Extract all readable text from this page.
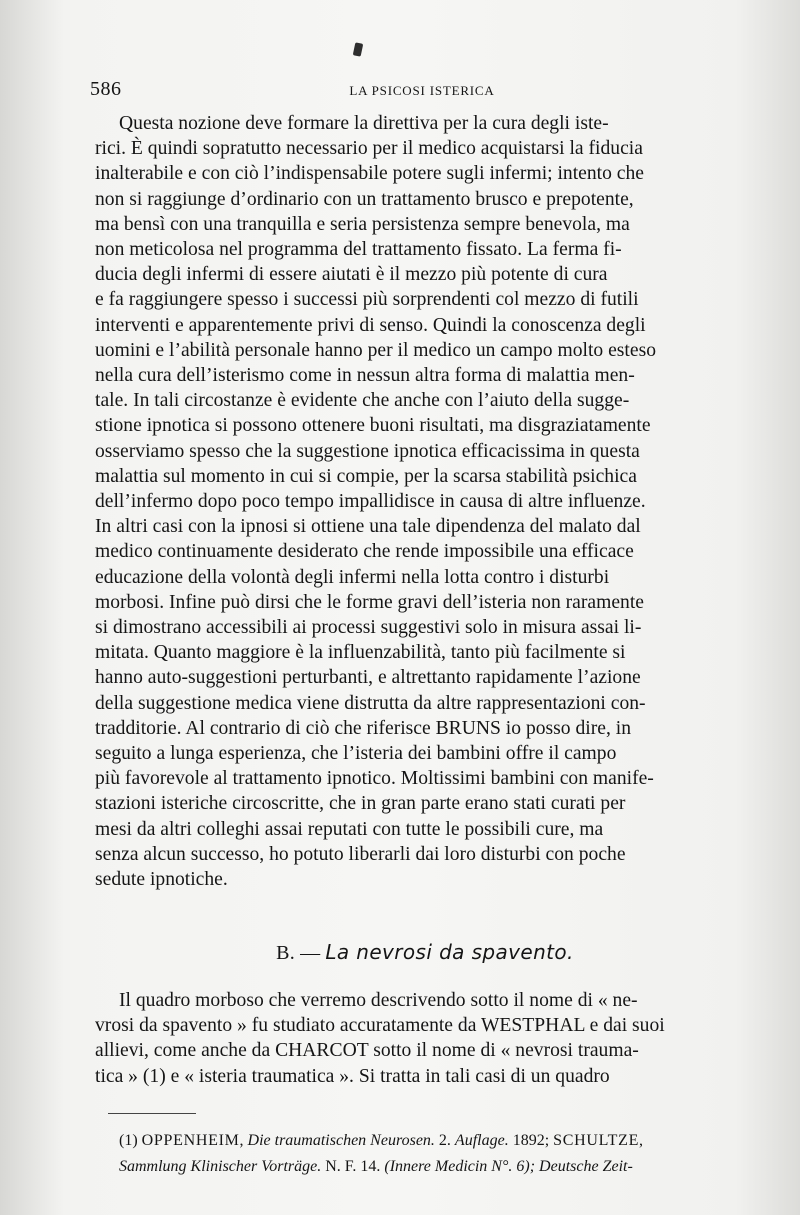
586	LA PSICOSI ISTERICA
Questa nozione deve formare la direttiva per la cura degli iste-
rici. È quindi sopratutto necessario per il medico acquistarsi la fiducia
inalterabile e con ciò l’indispensabile potere sugli infermi; intento che
non si raggiunge d’ordinario con un trattamento brusco e prepotente,
ma bensì con una tranquilla e seria persistenza sempre benevola, ma
non meticolosa nel programma del trattamento fissato. La ferma fi-
ducia degli infermi di essere aiutati è il mezzo più potente di cura
e fa raggiungere spesso i successi più sorprendenti col mezzo di futili
interventi e apparentemente privi di senso. Quindi la conoscenza degli
uomini e l’abilità personale hanno per il medico un campo molto esteso
nella cura dell’isterismo come in nessun altra forma di malattia men-
tale. In tali circostanze è evidente che anche con l’aiuto della sugge-
stione ipnotica si possono ottenere buoni risultati, ma disgraziatamente
osserviamo spesso che la suggestione ipnotica efficacissima in questa
malattia sul momento in cui si compie, per la scarsa stabilità psichica
dell’infermo dopo poco tempo impallidisce in causa di altre influenze.
In altri casi con la ipnosi si ottiene una tale dipendenza del malato dal
medico continuamente desiderato che rende impossibile una efficace
educazione della volontà degli infermi nella lotta contro i disturbi
morbosi. Infine può dirsi che le forme gravi dell’isteria non raramente
si dimostrano accessibili ai processi suggestivi solo in misura assai li-
mitata. Quanto maggiore è la influenzabilità, tanto più facilmente si
hanno auto-suggestioni perturbanti, e altrettanto rapidamente l’azione
della suggestione medica viene distrutta da altre rappresentazioni con-
tradditorie. Al contrario di ciò che riferisce BRUNS io posso dire, in
seguito a lunga esperienza, che l’isteria dei bambini offre il campo
più favorevole al trattamento ipnotico. Moltissimi bambini con manife-
stazioni isteriche circoscritte, che in gran parte erano stati curati per
mesi da altri colleghi assai reputati con tutte le possibili cure, ma
senza alcun successo, ho potuto liberarli dai loro disturbi con poche
sedute ipnotiche.
B. — La nevrosi da spavento.
Il quadro morboso che verremo descrivendo sotto il nome di « ne-
vrosi da spavento » fu studiato accuratamente da WESTPHAL e dai suoi
allievi, come anche da CHARCOT sotto il nome di « nevrosi trauma-
tica » (1) e « isteria traumatica ». Si tratta in tali casi di un quadro
(1) OPPENHEIM, Die traumatischen Neurosen. 2. Auflage. 1892; SCHULTZE,
Sammlung Klinischer Vorträge. N. F. 14. (Innere Medicin N°. 6); Deutsche Zeit-
